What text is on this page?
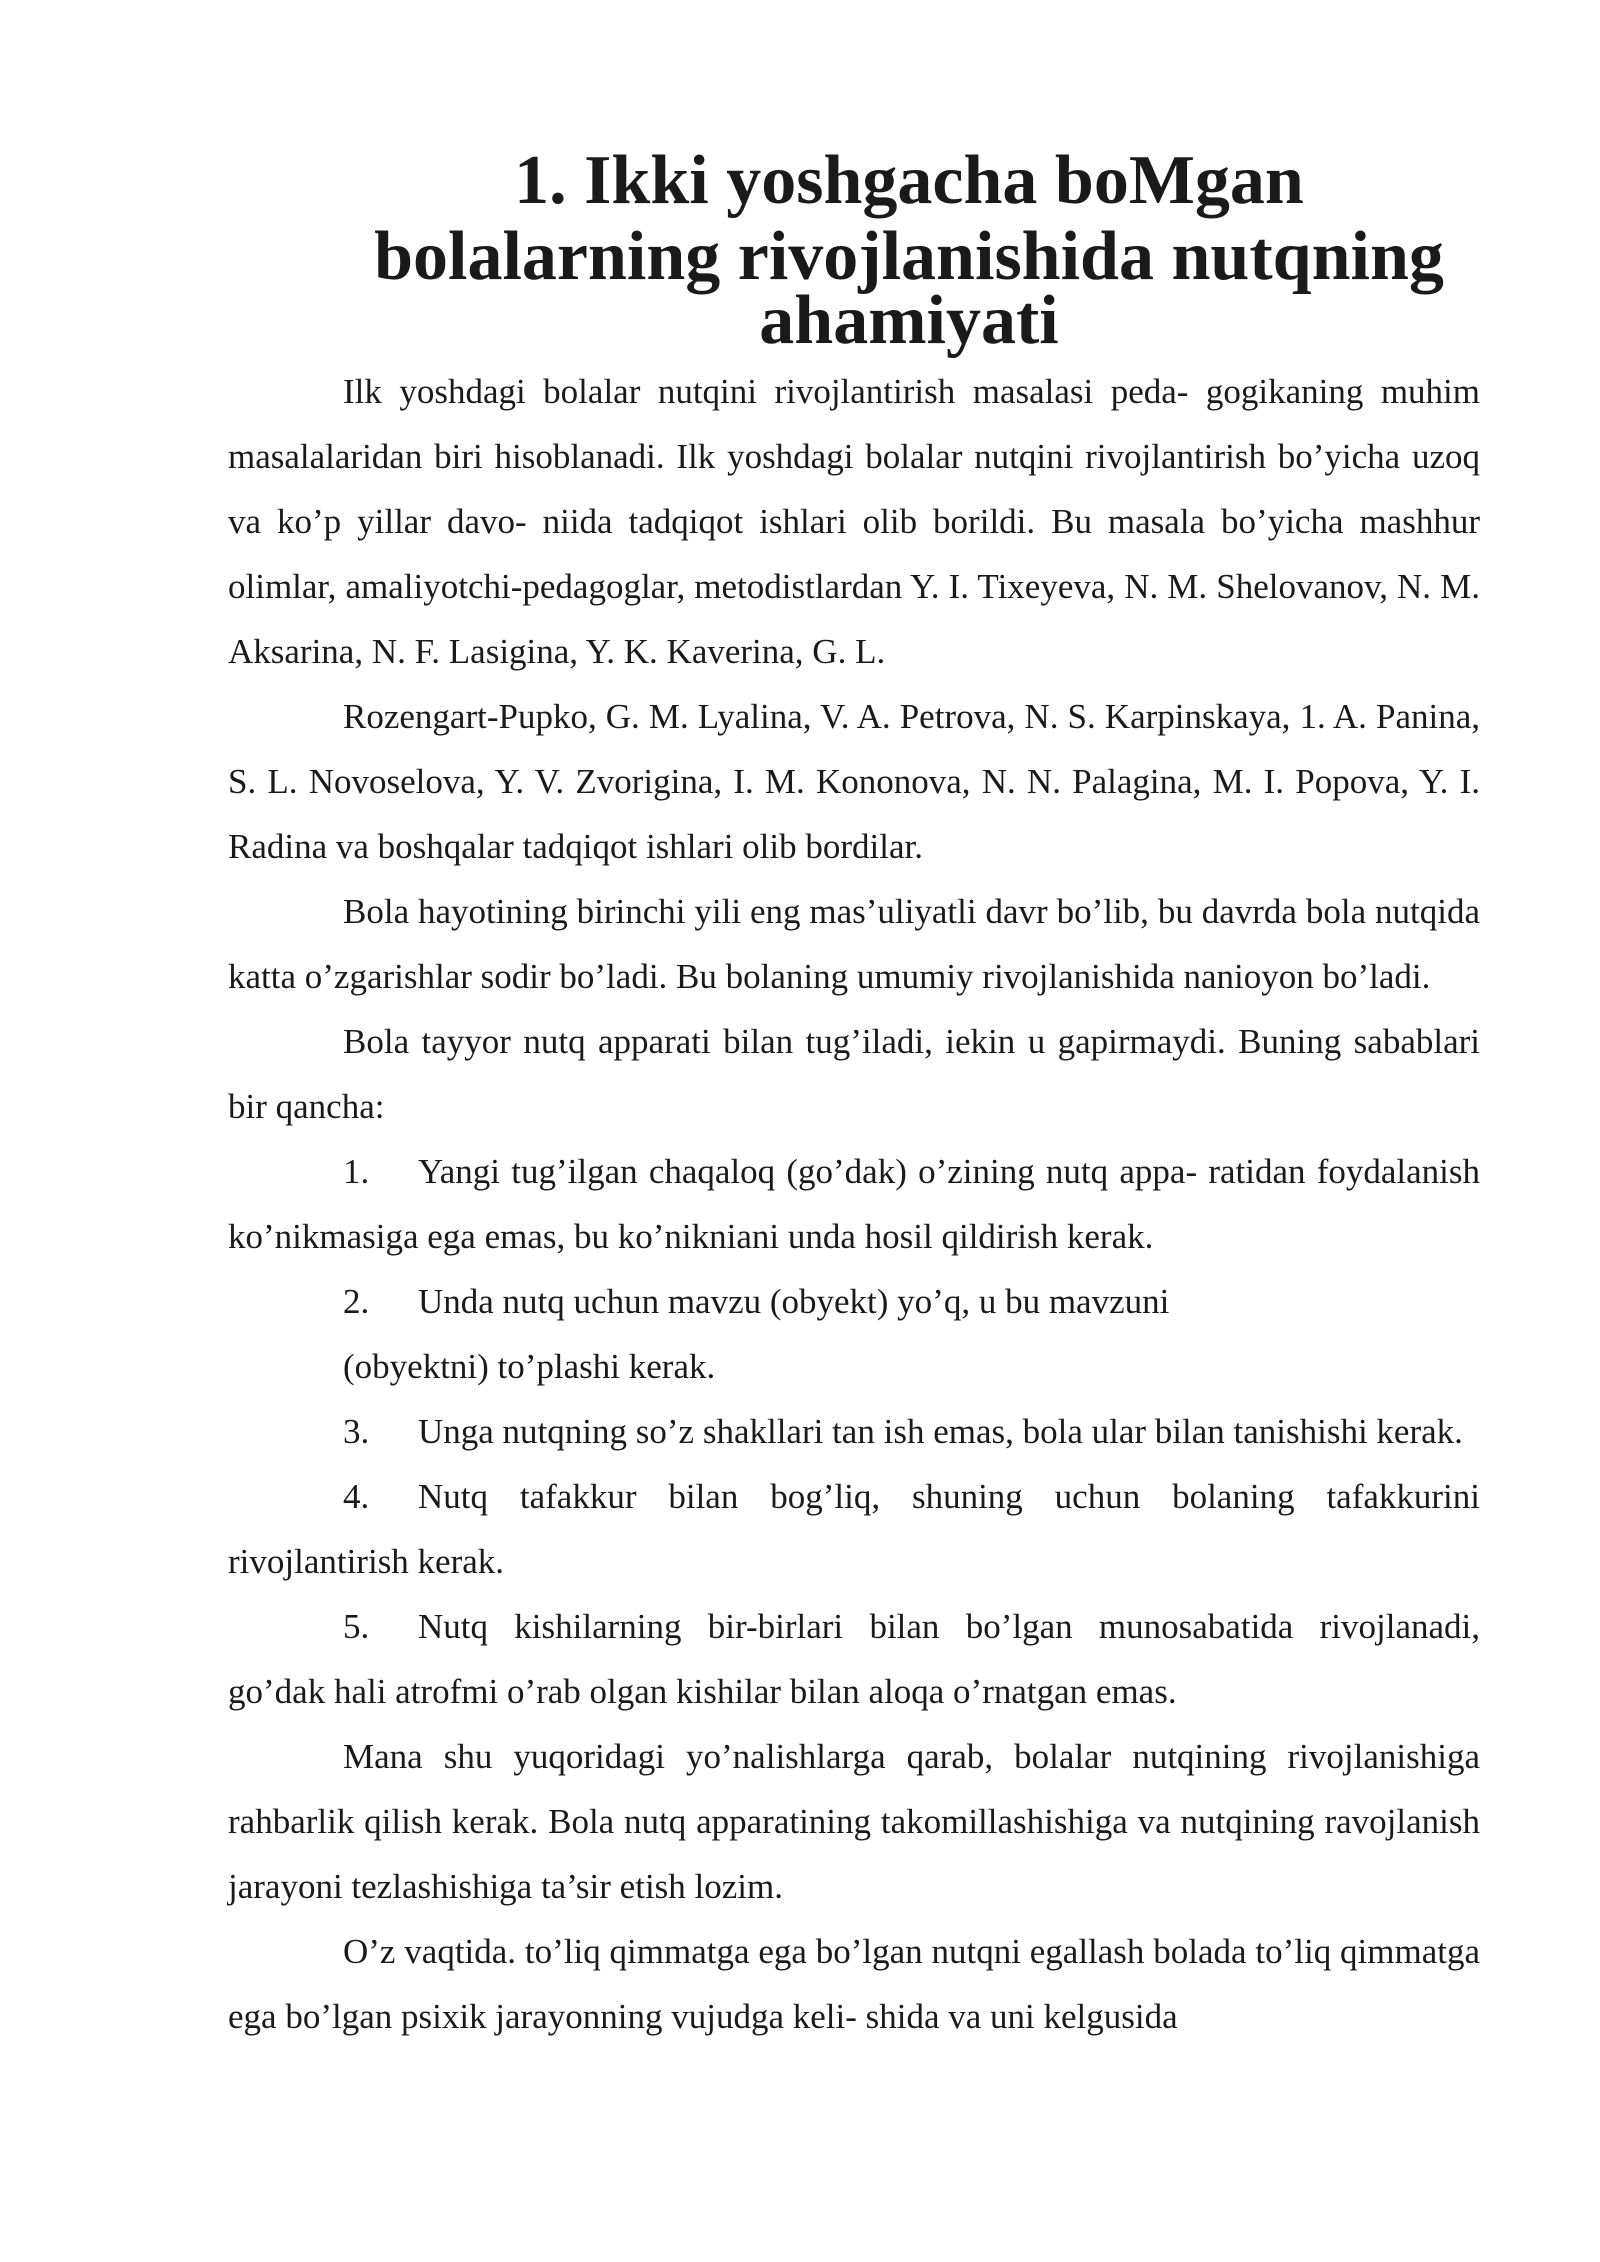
1. Ikki yoshgacha boMgan bolalarning rivojlanishida nutqning
ahamiyati

Ilk yoshdagi bolalar nutqini rivojlantirish masalasi peda- gogikaning muhim masalalaridan biri hisoblanadi. Ilk yoshdagi bolalar nutqini rivojlantirish bo’yicha uzoq va ko’p yillar davo- niida tadqiqot ishlari olib borildi. Bu masala bo’yicha mashhur olimlar, amaliyotchi-pedagoglar, metodistlardan Y. I. Tixeyeva, N. M. Shelovanov, N. M. Aksarina, N. F. Lasigina, Y. K. Kaverina, G. L.

Rozengart-Pupko, G. M. Lyalina, V. A. Petrova, N. S. Karpinskaya, 1. A. Panina, S. L. Novoselova, Y. V. Zvorigina, I. M. Kononova, N. N. Palagina, M. I. Popova, Y. I. Radina va boshqalar tadqiqot ishlari olib bordilar.

Bola hayotining birinchi yili eng mas’uliyatli davr bo’lib, bu davrda bola nutqida katta o’zgarishlar sodir bo’ladi. Bu bolaning umumiy rivojlanishida nanioyon bo’ladi.

Bola tayyor nutq apparati bilan tug’iladi, iekin u gapirmaydi. Buning sabablari bir qancha:

1. Yangi tug’ilgan chaqaloq (go’dak) o’zining nutq appa- ratidan foydalanish ko’nikmasiga ega emas, bu ko’nikniani unda hosil qildirish kerak.
2. Unda nutq uchun mavzu (obyekt) yo’q, u bu mavzuni
(obyektni) to’plashi kerak.
3. Unga nutqning so’z shakllari tan ish emas, bola ular bilan tanishishi kerak.
4. Nutq tafakkur bilan bog’liq, shuning uchun bolaning tafakkurini rivojlantirish kerak.
5. Nutq kishilarning bir-birlari bilan bo’lgan munosabatida rivojlanadi, go’dak hali atrofmi o’rab olgan kishilar bilan aloqa o’rnatgan emas.

Mana shu yuqoridagi yo’nalishlarga qarab, bolalar nutqining rivojlanishiga rahbarlik qilish kerak. Bola nutq apparatining takomillashishiga va nutqining ravojlanish jarayoni tezlashishiga ta’sir etish lozim.

O’z vaqtida. to’liq qimmatga ega bo’lgan nutqni egallash bolada to’liq qimmatga ega bo’lgan psixik jarayonning vujudga keli- shida va uni kelgusida
